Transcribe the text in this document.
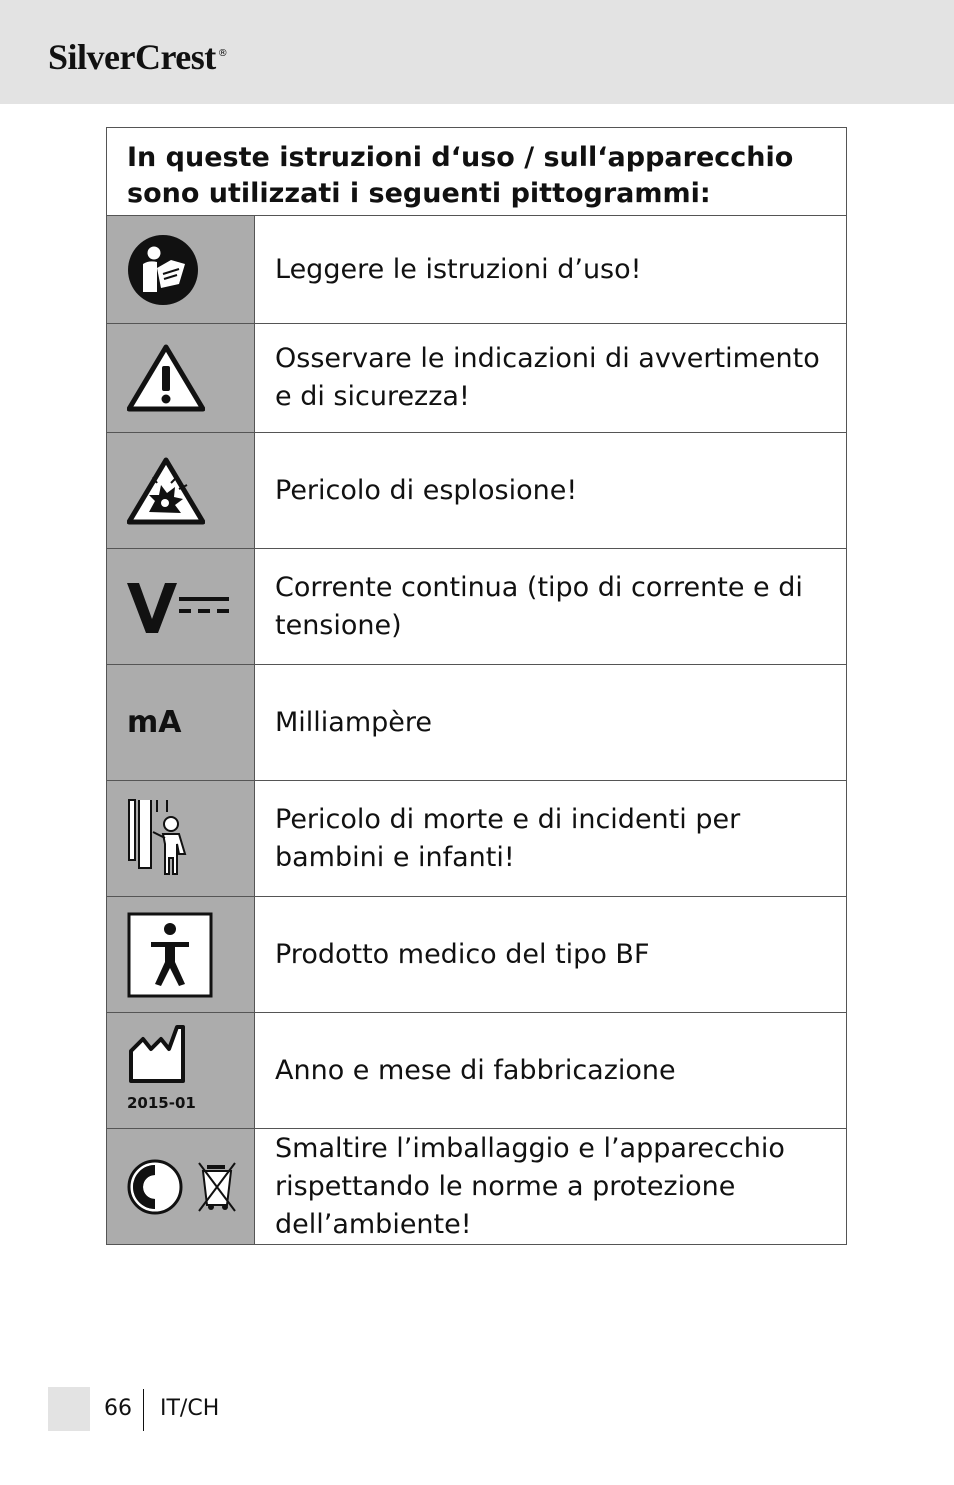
SilverCrest ®
In queste istruzioni d‘uso / sull‘apparecchio sono utilizzati i seguenti pittogrammi:
Leggere le istruzioni d’uso!
Osservare le indicazioni di avvertimento e di sicurezza!
Pericolo di esplosione!
Corrente continua (tipo di corrente e di tensione)
mA	Milliampère
Pericolo di morte e di incidenti per bambini e infanti!
Prodotto medico del tipo BF
2015-01
Anno e mese di fabbricazione
Smaltire l’imballaggio e l’apparecchio rispettando le norme a protezione dell’ambiente!
66 IT/CH
